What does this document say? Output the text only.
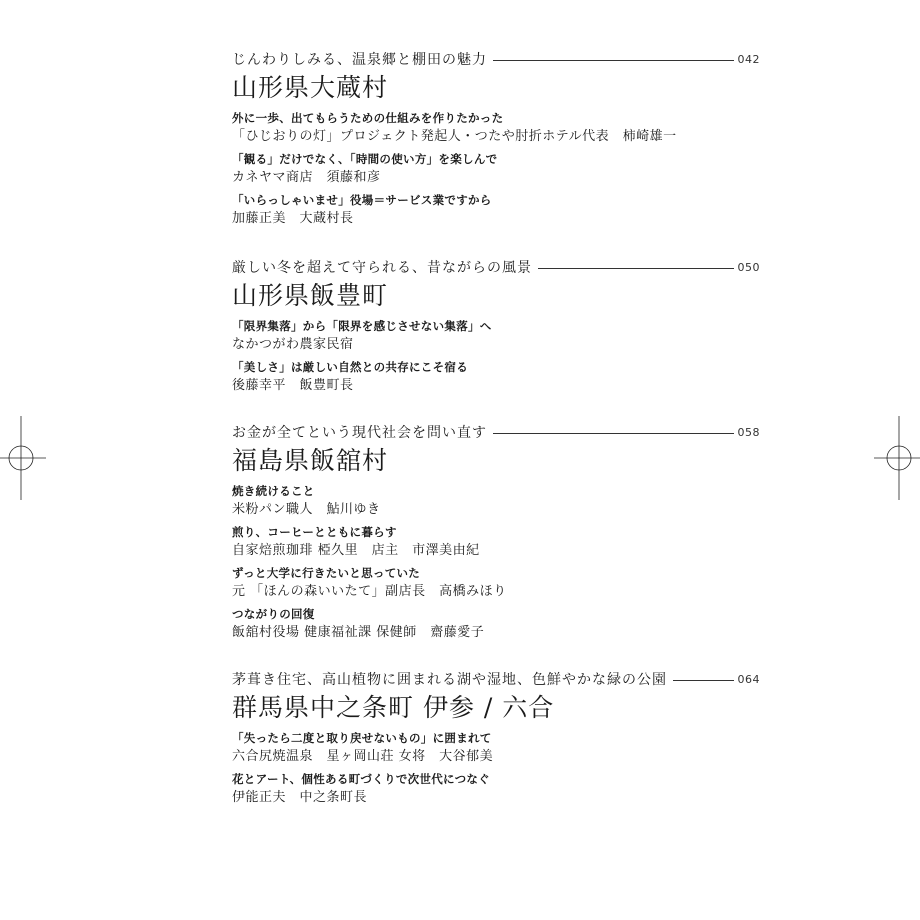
じんわりしみる、温泉郷と棚田の魅力	042
山形県大蔵村
外に一歩、出てもらうための仕組みを作りたかった
「ひじおりの灯」プロジェクト発起人・つたや肘折ホテル代表　柿崎雄一
「観る」だけでなく、「時間の使い方」を楽しんで
カネヤマ商店　須藤和彦
「いらっしゃいませ」役場＝サービス業ですから
加藤正美　大蔵村長
厳しい冬を超えて守られる、昔ながらの風景	050
山形県飯豊町
「限界集落」から「限界を感じさせない集落」へ
なかつがわ農家民宿
「美しさ」は厳しい自然との共存にこそ宿る
後藤幸平　飯豊町長
お金が全てという現代社会を問い直す	058
福島県飯舘村
焼き続けること
米粉パン職人　鮎川ゆき
煎り、コーヒーとともに暮らす
自家焙煎珈琲 椏久里　店主　市澤美由紀
ずっと大学に行きたいと思っていた
元 「ほんの森いいたて」副店長　高橋みほり
つながりの回復
飯舘村役場 健康福祉課 保健師　齋藤愛子
茅葺き住宅、高山植物に囲まれる湖や湿地、色鮮やかな緑の公園	064
群馬県中之条町 伊参 / 六合
「失ったら二度と取り戻せないもの」に囲まれて
六合尻焼温泉　星ヶ岡山荘 女将　大谷郁美
花とアート、個性ある町づくりで次世代につなぐ
伊能正夫　中之条町長
